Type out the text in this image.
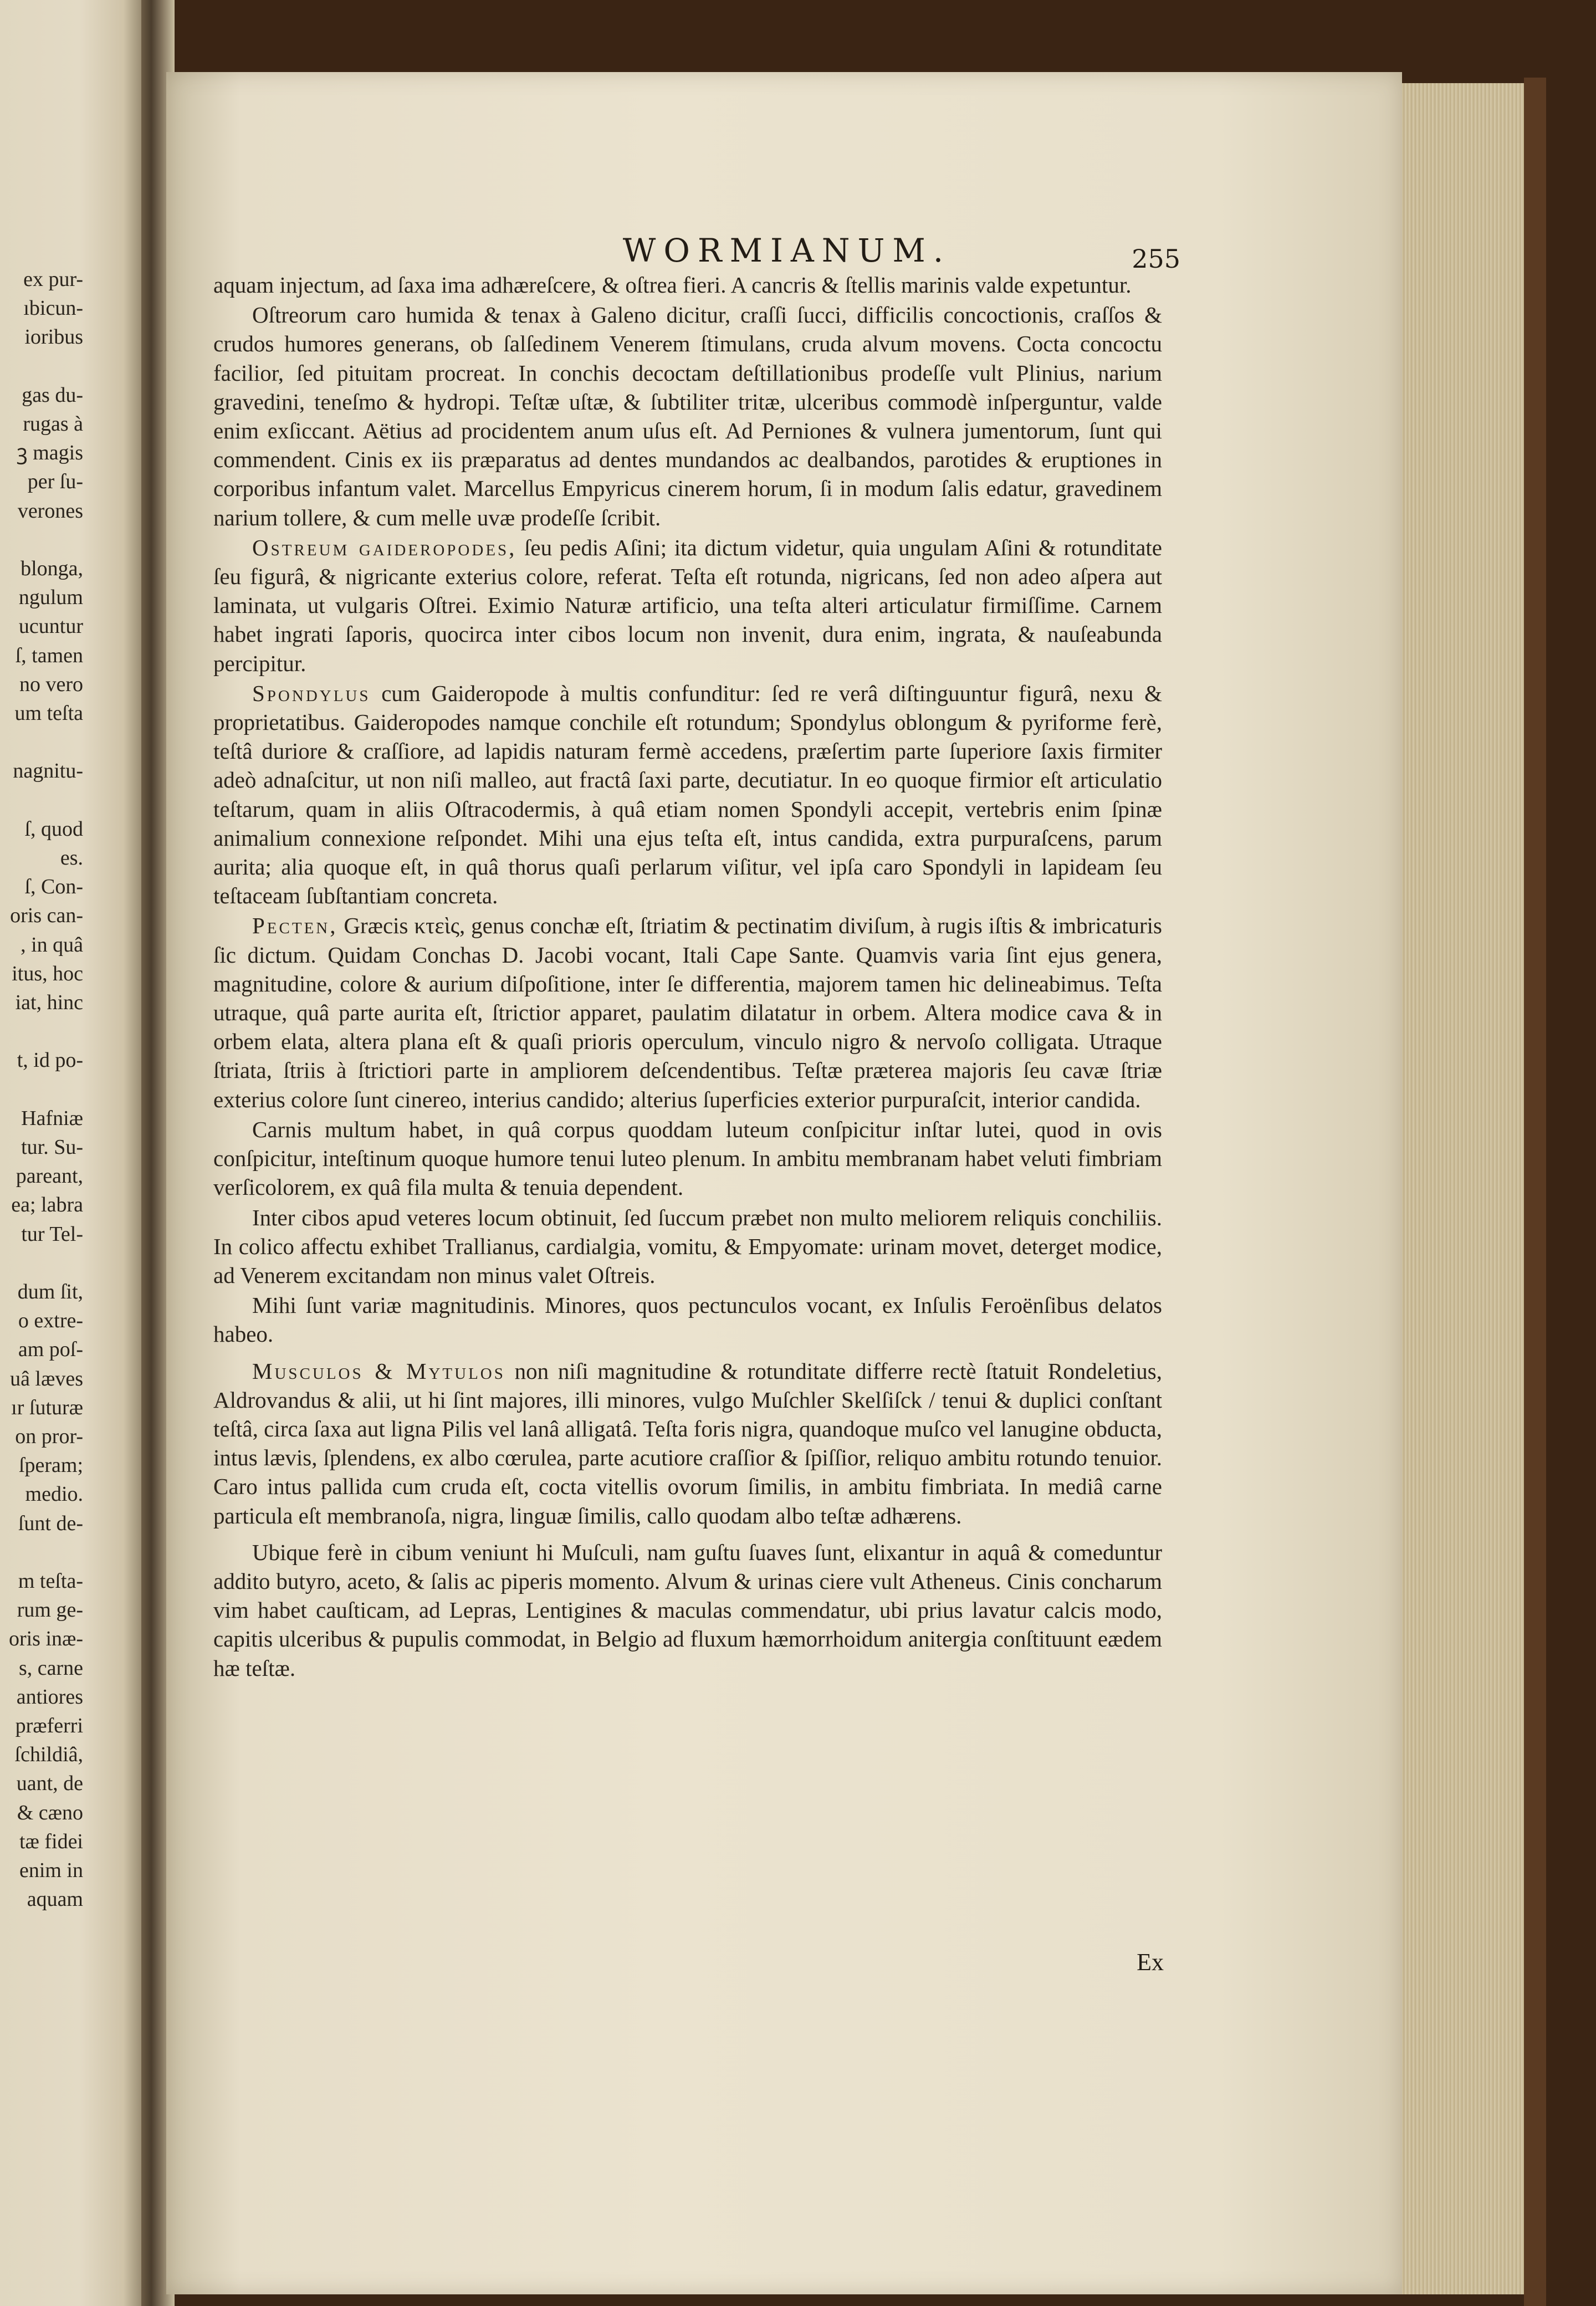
ex pur-
ıbicun-
ioribus
gas du-
rugas à
ꝫ magis
per ſu-
verones
blonga,
ngulum
ucuntur
ſ, tamen
no vero
um teſta
nagnitu-
ſ, quod
es.
ſ, Con-
oris can-
, in quâ
itus, hoc
iat, hinc
t, id po-
Hafniæ
tur. Su-
pareant,
ea; labra
tur Tel-
dum ſit,
o extre-
am poſ-
uâ læves
ır ſuturæ
on pror-
ſperam;
medio.
ſunt de-
m teſta-
rum ge-
oris inæ-
s, carne
antiores
præferri
ſchildiâ,
uant, de
& cæno
tæ fidei
enim in
aquam
WORMIANUM.	255

aquam injectum, ad ſaxa ima adhæreſcere, & oſtrea fieri. A cancris & ſtellis marinis valde expetuntur.

Oſtreorum caro humida & tenax à Galeno dicitur, craſſi ſucci, difficilis concoctionis, craſſos & crudos humores generans, ob ſalſedinem Venerem ſtimulans, cruda alvum movens. Cocta concoctu facilior, ſed pituitam procreat. In conchis decoctam deſtillationibus prodeſſe vult Plinius, narium gravedini, teneſmo & hydropi. Teſtæ uſtæ, & ſubtiliter tritæ, ulceribus commodè inſperguntur, valde enim exſiccant. Aëtius ad procidentem anum uſus eſt. Ad Perniones & vulnera jumentorum, ſunt qui commendent. Cinis ex iis præparatus ad dentes mundandos ac dealbandos, parotides & eruptiones in corporibus infantum valet. Marcellus Empyricus cinerem horum, ſi in modum ſalis edatur, gravedinem narium tollere, & cum melle uvæ prodeſſe ſcribit.

Ostreum gaideropodes, ſeu pedis Aſini; ita dictum videtur, quia ungulam Aſini & rotunditate ſeu figurâ, & nigricante exterius colore, referat. Teſta eſt rotunda, nigricans, ſed non adeo aſpera aut laminata, ut vulgaris Oſtrei. Eximio Naturæ artificio, una teſta alteri articulatur firmiſſime. Carnem habet ingrati ſaporis, quocirca inter cibos locum non invenit, dura enim, ingrata, & nauſeabunda percipitur.

Spondylus cum Gaideropode à multis confunditur: ſed re verâ diſtinguuntur figurâ, nexu & proprietatibus. Gaideropodes namque conchile eſt rotundum; Spondylus oblongum & pyriforme ferè, teſtâ duriore & craſſiore, ad lapidis naturam fermè accedens, præſertim parte ſuperiore ſaxis firmiter adeò adnaſcitur, ut non niſi malleo, aut fractâ ſaxi parte, decutiatur. In eo quoque firmior eſt articulatio teſtarum, quam in aliis Oſtracodermis, à quâ etiam nomen Spondyli accepit, vertebris enim ſpinæ animalium connexione reſpondet. Mihi una ejus teſta eſt, intus candida, extra purpuraſcens, parum aurita; alia quoque eſt, in quâ thorus quaſi perlarum viſitur, vel ipſa caro Spondyli in lapideam ſeu teſtaceam ſubſtantiam concreta.

Pecten, Græcis κτεὶς, genus conchæ eſt, ſtriatim & pectinatim diviſum, à rugis iſtis & imbricaturis ſic dictum. Quidam Conchas D. Jacobi vocant, Itali Cape Sante. Quamvis varia ſint ejus genera, magnitudine, colore & aurium diſpoſitione, inter ſe differentia, majorem tamen hic delineabimus. Teſta utraque, quâ parte aurita eſt, ſtrictior apparet, paulatim dilatatur in orbem. Altera modice cava & in orbem elata, altera plana eſt & quaſi prioris operculum, vinculo nigro & nervoſo colligata. Utraque ſtriata, ſtriis à ſtrictiori parte in ampliorem deſcendentibus. Teſtæ præterea majoris ſeu cavæ ſtriæ exterius colore ſunt cinereo, interius candido; alterius ſuperficies exterior purpuraſcit, interior candida.

Carnis multum habet, in quâ corpus quoddam luteum conſpicitur inſtar lutei, quod in ovis conſpicitur, inteſtinum quoque humore tenui luteo plenum. In ambitu membranam habet veluti fimbriam verſicolorem, ex quâ fila multa & tenuia dependent.

Inter cibos apud veteres locum obtinuit, ſed ſuccum præbet non multo meliorem reliquis conchiliis. In colico affectu exhibet Trallianus, cardialgia, vomitu, & Empyomate: urinam movet, deterget modice, ad Venerem excitandam non minus valet Oſtreis.

Mihi ſunt variæ magnitudinis. Minores, quos pectunculos vocant, ex Inſulis Feroënſibus delatos habeo.

Musculos & Mytulos non niſi magnitudine & rotunditate differre rectè ſtatuit Rondeletius, Aldrovandus & alii, ut hi ſint majores, illi minores, vulgo Muſchler Skelſiſck / tenui & duplici conſtant teſtâ, circa ſaxa aut ligna Pilis vel lanâ alligatâ. Teſta foris nigra, quandoque muſco vel lanugine obducta, intus lævis, ſplendens, ex albo cœrulea, parte acutiore craſſior & ſpiſſior, reliquo ambitu rotundo tenuior. Caro intus pallida cum cruda eſt, cocta vitellis ovorum ſimilis, in ambitu fimbriata. In mediâ carne particula eſt membranoſa, nigra, linguæ ſimilis, callo quodam albo teſtæ adhærens.

Ubique ferè in cibum veniunt hi Muſculi, nam guſtu ſuaves ſunt, elixantur in aquâ & comeduntur addito butyro, aceto, & ſalis ac piperis momento. Alvum & urinas ciere vult Atheneus. Cinis concharum vim habet cauſticam, ad Lepras, Lentigines & maculas commendatur, ubi prius lavatur calcis modo, capitis ulceribus & pupulis commodat, in Belgio ad fluxum hæmorrhoidum anitergia conſtituunt eædem hæ teſtæ.

Ex
